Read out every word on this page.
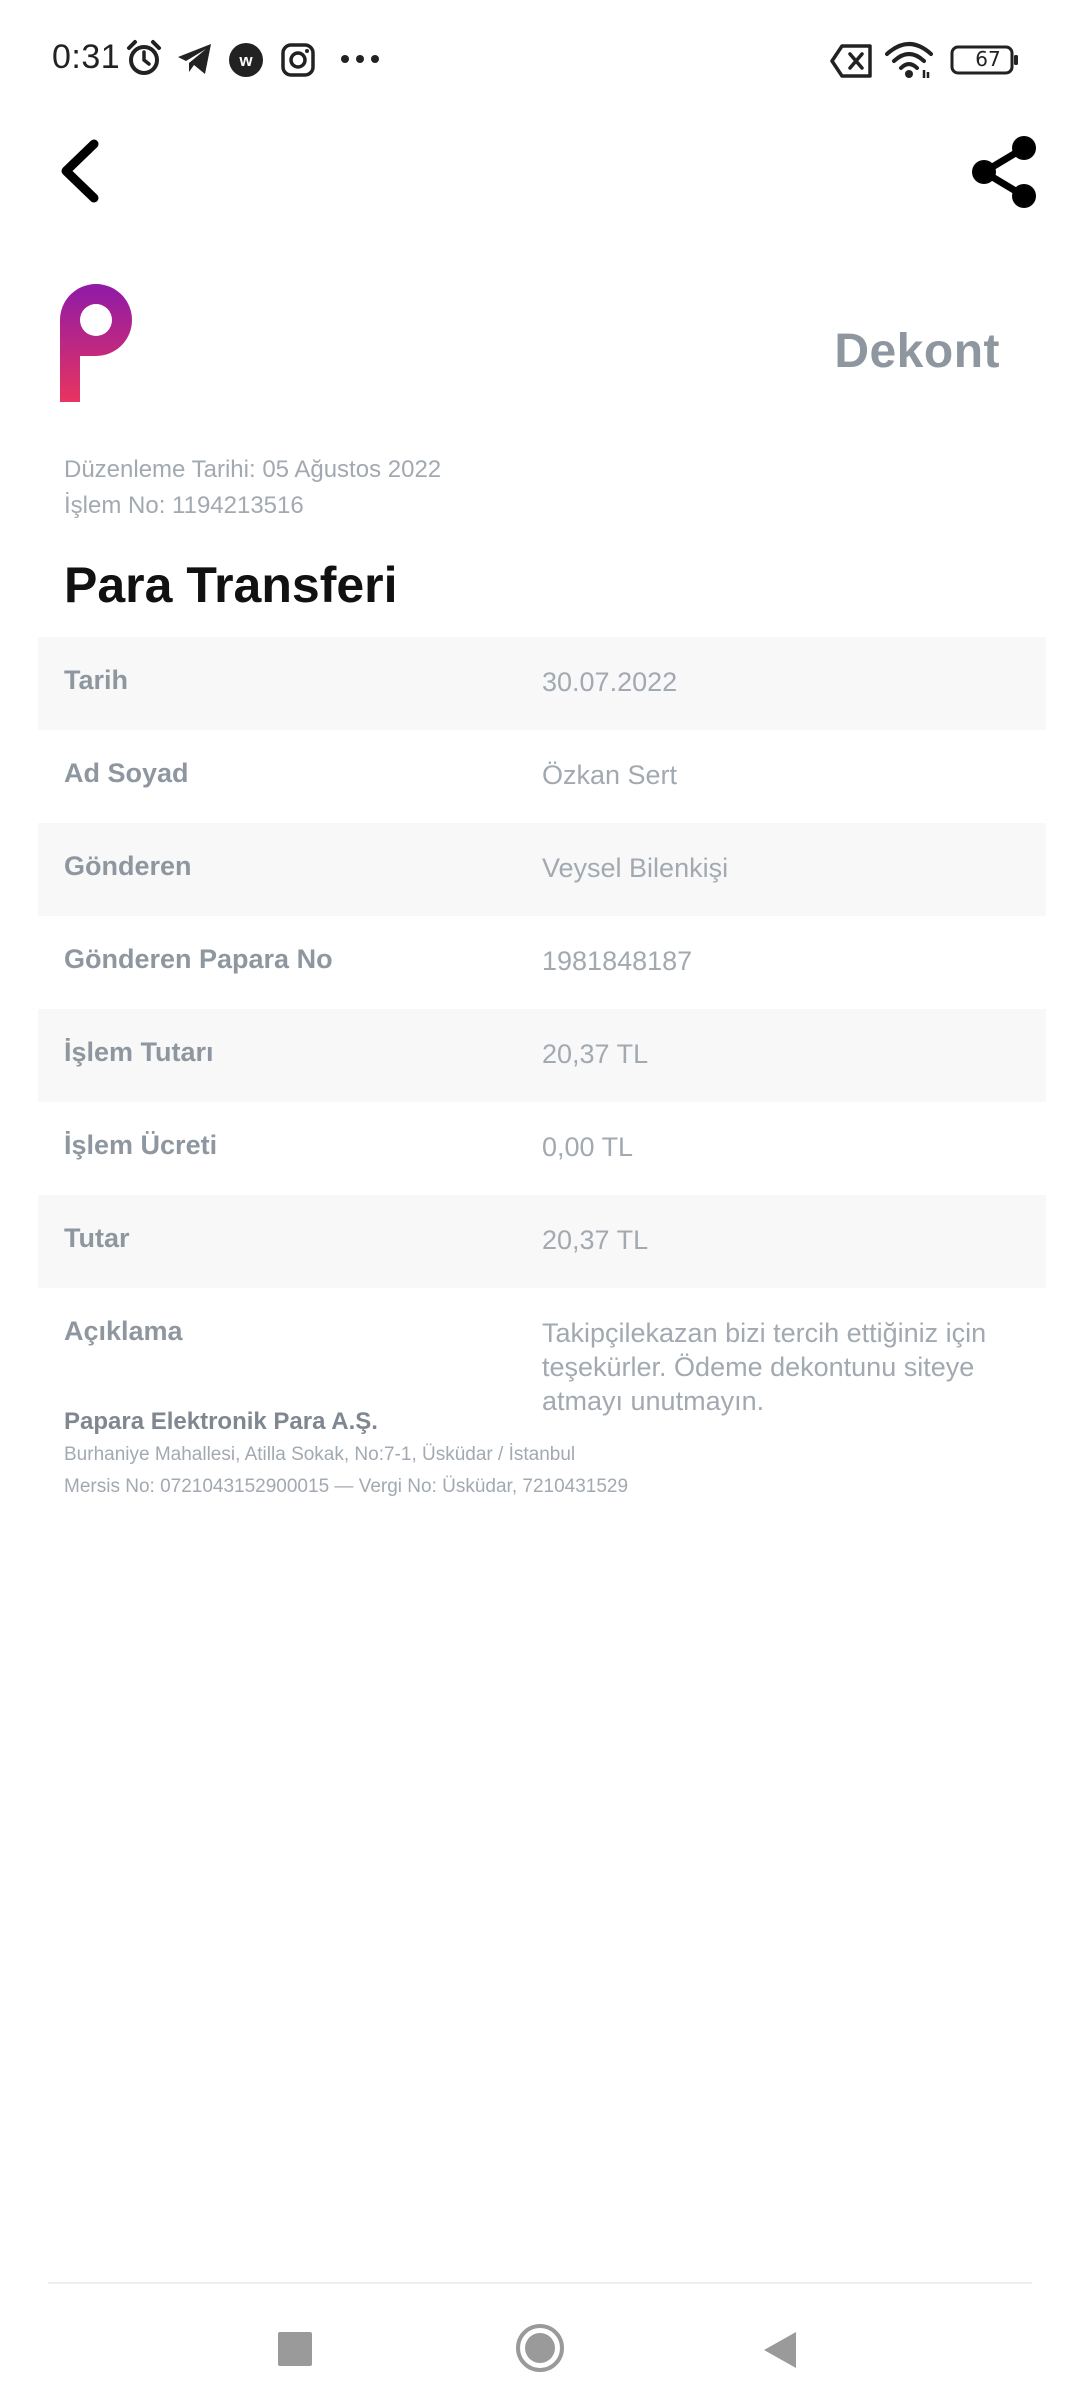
0:31	w	67
Dekont
Düzenleme Tarihi: 05 Ağustos 2022
İşlem No: 1194213516
Para Transferi
Tarih	30.07.2022
Ad Soyad	Özkan Sert
Gönderen	Veysel Bilenkişi
Gönderen Papara No	1981848187
İşlem Tutarı	20,37 TL
İşlem Ücreti	0,00 TL
Tutar	20,37 TL
Açıklama	Takipçilekazan bizi tercih ettiğiniz için teşekürler. Ödeme dekontunu siteye atmayı unutmayın.
Papara Elektronik Para A.Ş.
Burhaniye Mahallesi, Atilla Sokak, No:7-1, Üsküdar / İstanbul
Mersis No: 0721043152900015 — Vergi No: Üsküdar, 7210431529
